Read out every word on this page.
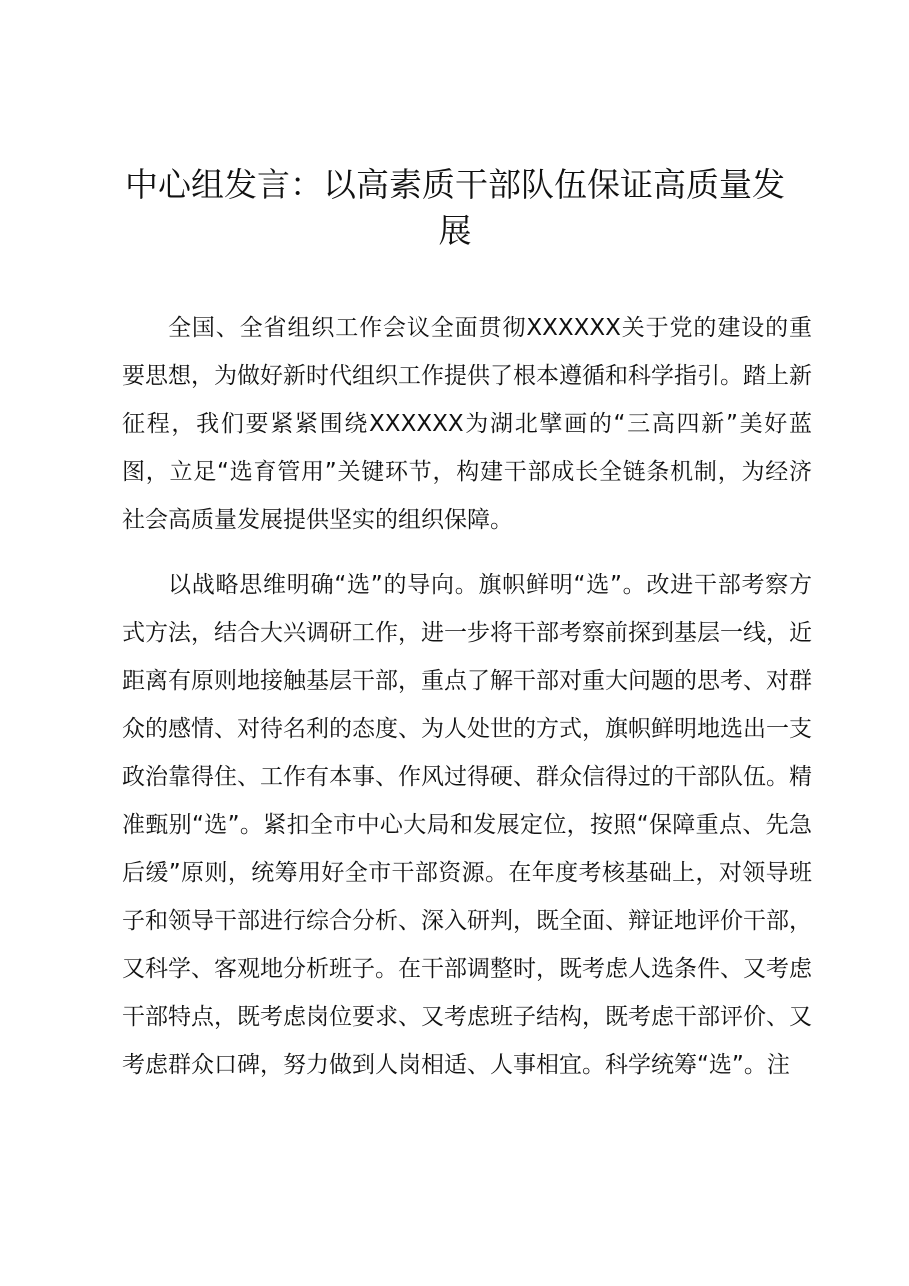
中心组发言：以高素质干部队伍保证高质量发展

全国、全省组织工作会议全面贯彻XXXXXX关于党的建设的重要思想，为做好新时代组织工作提供了根本遵循和科学指引。踏上新征程，我们要紧紧围绕XXXXXX为湖北擘画的“三高四新”美好蓝图，立足“选育管用”关键环节，构建干部成长全链条机制，为经济社会高质量发展提供坚实的组织保障。

以战略思维明确“选”的导向。旗帜鲜明“选”。改进干部考察方式方法，结合大兴调研工作，进一步将干部考察前探到基层一线，近距离有原则地接触基层干部，重点了解干部对重大问题的思考、对群众的感情、对待名利的态度、为人处世的方式，旗帜鲜明地选出一支政治靠得住、工作有本事、作风过得硬、群众信得过的干部队伍。精准甄别“选”。紧扣全市中心大局和发展定位，按照“保障重点、先急后缓”原则，统筹用好全市干部资源。在年度考核基础上，对领导班子和领导干部进行综合分析、深入研判，既全面、辩证地评价干部，又科学、客观地分析班子。在干部调整时，既考虑人选条件、又考虑干部特点，既考虑岗位要求、又考虑班子结构，既考虑干部评价、又考虑群众口碑，努力做到人岗相适、人事相宜。科学统筹“选”。注
